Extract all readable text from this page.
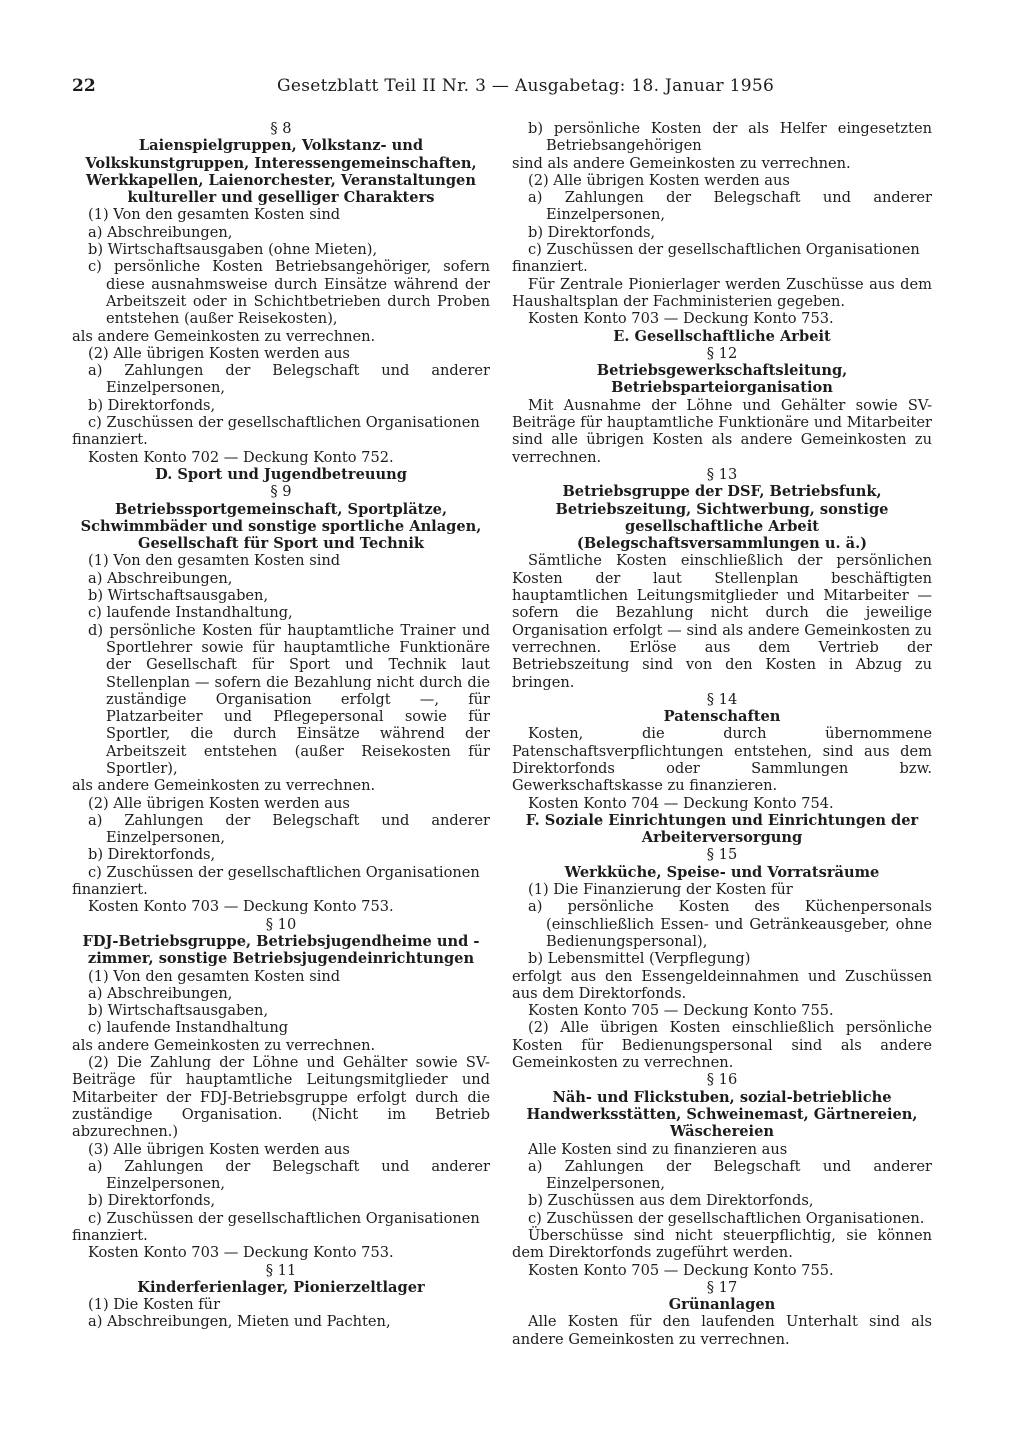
22	Gesetzblatt Teil II Nr. 3 — Ausgabetag: 18. Januar 1956

§ 8

Laienspielgruppen, Volkstanz- und Volkskunstgruppen, Interessengemeinschaften, Werkkapellen, Laienorchester, Veranstaltungen kultureller und geselliger Charakters

(1) Von den gesamten Kosten sind

a) Abschreibungen,

b) Wirtschaftsausgaben (ohne Mieten),

c) persönliche Kosten Betriebsangehöriger, sofern diese ausnahmsweise durch Einsätze während der Arbeitszeit oder in Schichtbetrieben durch Proben entstehen (außer Reisekosten),

als andere Gemeinkosten zu verrechnen.

(2) Alle übrigen Kosten werden aus

a) Zahlungen der Belegschaft und anderer Einzelpersonen,

b) Direktorfonds,

c) Zuschüssen der gesellschaftlichen Organisationen

finanziert.

Kosten Konto 702 — Deckung Konto 752.

D. Sport und Jugendbetreuung

§ 9

Betriebssportgemeinschaft, Sportplätze, Schwimmbäder und sonstige sportliche Anlagen, Gesellschaft für Sport und Technik

(1) Von den gesamten Kosten sind

a) Abschreibungen,

b) Wirtschaftsausgaben,

c) laufende Instandhaltung,

d) persönliche Kosten für hauptamtliche Trainer und Sportlehrer sowie für hauptamtliche Funktionäre der Gesellschaft für Sport und Technik laut Stellenplan — sofern die Bezahlung nicht durch die zuständige Organisation erfolgt —, für Platzarbeiter und Pflegepersonal sowie für Sportler, die durch Einsätze während der Arbeitszeit entstehen (außer Reisekosten für Sportler),

als andere Gemeinkosten zu verrechnen.

(2) Alle übrigen Kosten werden aus

a) Zahlungen der Belegschaft und anderer Einzelpersonen,

b) Direktorfonds,

c) Zuschüssen der gesellschaftlichen Organisationen

finanziert.

Kosten Konto 703 — Deckung Konto 753.

§ 10

FDJ-Betriebsgruppe, Betriebsjugendheime und -zimmer, sonstige Betriebsjugendeinrichtungen

(1) Von den gesamten Kosten sind

a) Abschreibungen,

b) Wirtschaftsausgaben,

c) laufende Instandhaltung

als andere Gemeinkosten zu verrechnen.

(2) Die Zahlung der Löhne und Gehälter sowie SV-Beiträge für hauptamtliche Leitungsmitglieder und Mitarbeiter der FDJ-Betriebsgruppe erfolgt durch die zuständige Organisation. (Nicht im Betrieb abzurechnen.)

(3) Alle übrigen Kosten werden aus

a) Zahlungen der Belegschaft und anderer Einzelpersonen,

b) Direktorfonds,

c) Zuschüssen der gesellschaftlichen Organisationen

finanziert.

Kosten Konto 703 — Deckung Konto 753.

§ 11

Kinderferienlager, Pionierzeltlager

(1) Die Kosten für

a) Abschreibungen, Mieten und Pachten,

b) persönliche Kosten der als Helfer eingesetzten Betriebsangehörigen

sind als andere Gemeinkosten zu verrechnen.

(2) Alle übrigen Kosten werden aus

a) Zahlungen der Belegschaft und anderer Einzelpersonen,

b) Direktorfonds,

c) Zuschüssen der gesellschaftlichen Organisationen

finanziert.

Für Zentrale Pionierlager werden Zuschüsse aus dem Haushaltsplan der Fachministerien gegeben.

Kosten Konto 703 — Deckung Konto 753.

E. Gesellschaftliche Arbeit

§ 12

Betriebsgewerkschaftsleitung, Betriebsparteiorganisation

Mit Ausnahme der Löhne und Gehälter sowie SV-Beiträge für hauptamtliche Funktionäre und Mitarbeiter sind alle übrigen Kosten als andere Gemeinkosten zu verrechnen.

§ 13

Betriebsgruppe der DSF, Betriebsfunk, Betriebszeitung, Sichtwerbung, sonstige gesellschaftliche Arbeit (Belegschaftsversammlungen u. ä.)

Sämtliche Kosten einschließlich der persönlichen Kosten der laut Stellenplan beschäftigten hauptamtlichen Leitungsmitglieder und Mitarbeiter — sofern die Bezahlung nicht durch die jeweilige Organisation erfolgt — sind als andere Gemeinkosten zu verrechnen. Erlöse aus dem Vertrieb der Betriebszeitung sind von den Kosten in Abzug zu bringen.

§ 14

Patenschaften

Kosten, die durch übernommene Patenschaftsverpflichtungen entstehen, sind aus dem Direktorfonds oder Sammlungen bzw. Gewerkschaftskasse zu finanzieren.

Kosten Konto 704 — Deckung Konto 754.

F. Soziale Einrichtungen und Einrichtungen der Arbeiterversorgung

§ 15

Werkküche, Speise- und Vorratsräume

(1) Die Finanzierung der Kosten für

a) persönliche Kosten des Küchenpersonals (einschließlich Essen- und Getränkeausgeber, ohne Bedienungspersonal),

b) Lebensmittel (Verpflegung)

erfolgt aus den Essengeldeinnahmen und Zuschüssen aus dem Direktorfonds.

Kosten Konto 705 — Deckung Konto 755.

(2) Alle übrigen Kosten einschließlich persönliche Kosten für Bedienungspersonal sind als andere Gemeinkosten zu verrechnen.

§ 16

Näh- und Flickstuben, sozial-betriebliche Handwerksstätten, Schweinemast, Gärtnereien, Wäschereien

Alle Kosten sind zu finanzieren aus

a) Zahlungen der Belegschaft und anderer Einzelpersonen,

b) Zuschüssen aus dem Direktorfonds,

c) Zuschüssen der gesellschaftlichen Organisationen.

Überschüsse sind nicht steuerpflichtig, sie können dem Direktorfonds zugeführt werden.

Kosten Konto 705 — Deckung Konto 755.

§ 17

Grünanlagen

Alle Kosten für den laufenden Unterhalt sind als andere Gemeinkosten zu verrechnen.
